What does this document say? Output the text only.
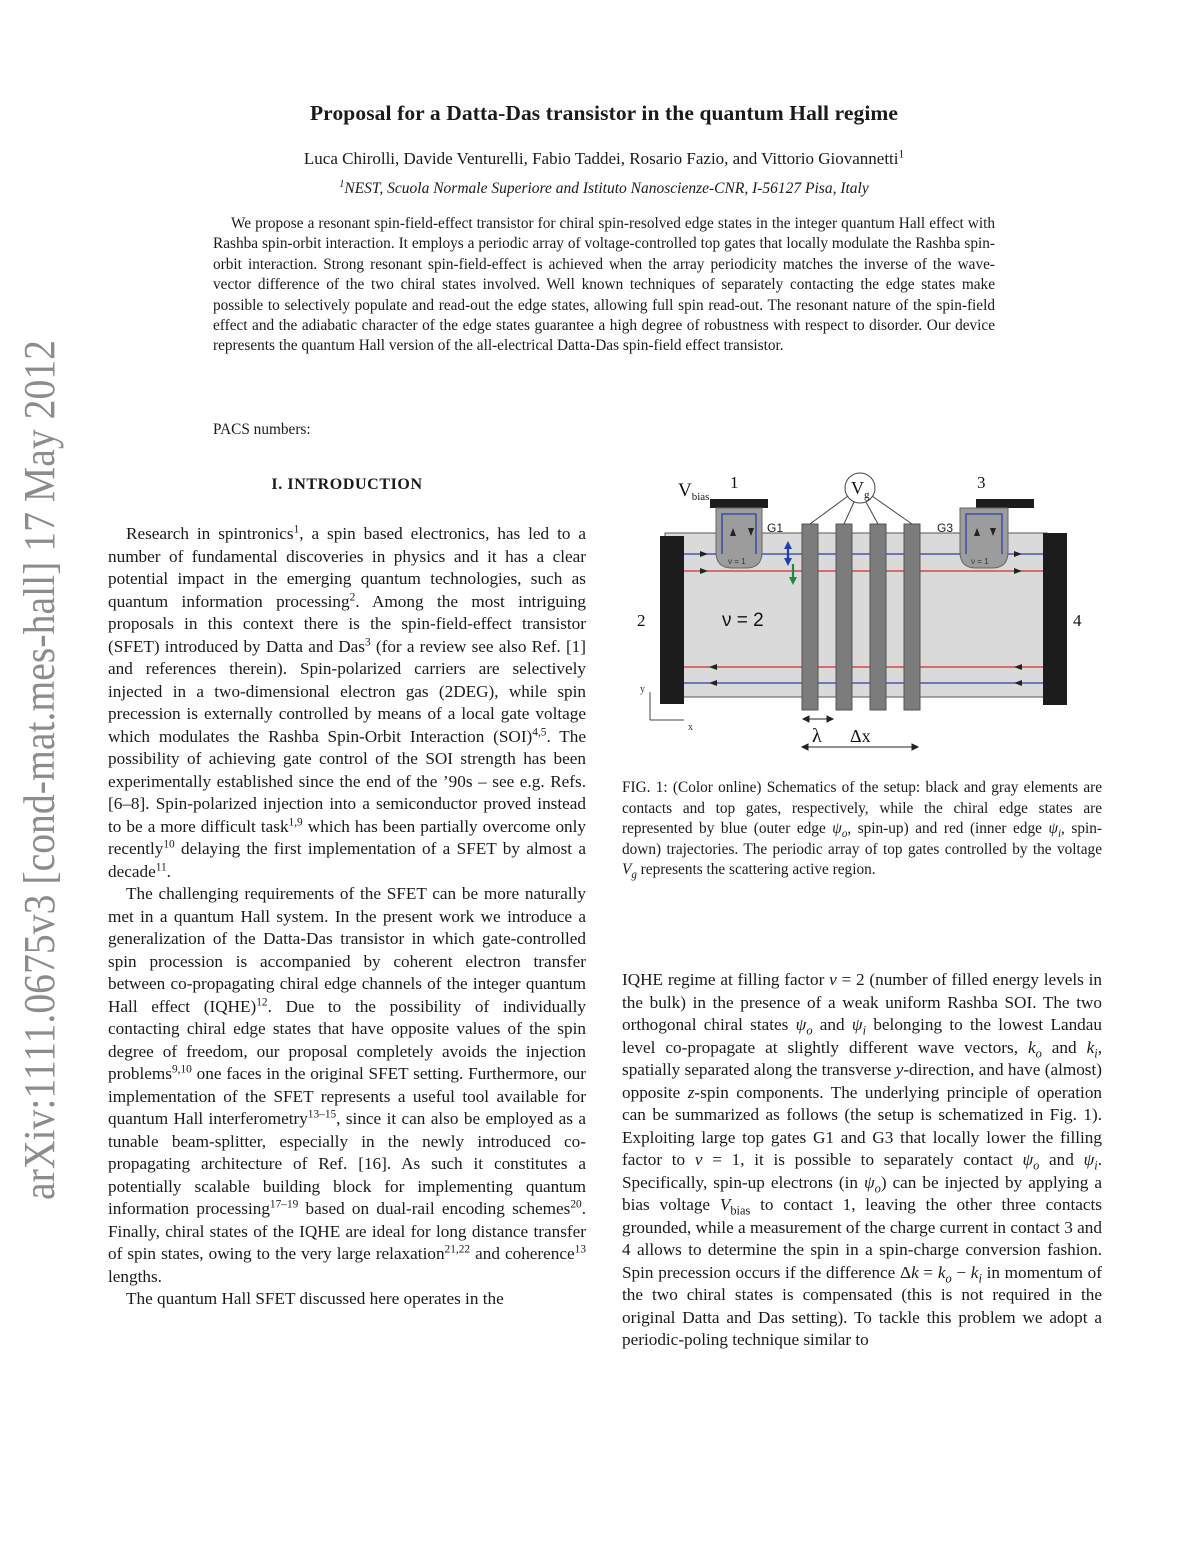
arXiv:1111.0675v3 [cond-mat.mes-hall] 17 May 2012
Proposal for a Datta-Das transistor in the quantum Hall regime
Luca Chirolli, Davide Venturelli, Fabio Taddei, Rosario Fazio, and Vittorio Giovannetti$^1$
$^1$NEST, Scuola Normale Superiore and Istituto Nanoscienze-CNR, I-56127 Pisa, Italy

We propose a resonant spin-field-effect transistor for chiral spin-resolved edge states in the integer quantum Hall effect with Rashba spin-orbit interaction. It employs a periodic array of voltage-controlled top gates that locally modulate the Rashba spin-orbit interaction. Strong resonant spin-field-effect is achieved when the array periodicity matches the inverse of the wave-vector difference of the two chiral states involved. Well known techniques of separately contacting the edge states make possible to selectively populate and read-out the edge states, allowing full spin read-out. The resonant nature of the spin-field effect and the adiabatic character of the edge states guarantee a high degree of robustness with respect to disorder. Our device represents the quantum Hall version of the all-electrical Datta-Das spin-field effect transistor.

PACS numbers:
I. INTRODUCTION

Research in spintronics$^1$, a spin based electronics, has led to a number of fundamental discoveries in physics and it has a clear potential impact in the emerging quantum technologies, such as quantum information processing$^2$. Among the most intriguing proposals in this context there is the spin-field-effect transistor (SFET) introduced by Datta and Das$^3$ (for a review see also Ref. [1] and references therein). Spin-polarized carriers are selectively injected in a two-dimensional electron gas (2DEG), while spin precession is externally controlled by means of a local gate voltage which modulates the Rashba Spin-Orbit Interaction (SOI)$^{4,5}$. The possibility of achieving gate control of the SOI strength has been experimentally established since the end of the ’90s – see e.g. Refs. [6–8]. Spin-polarized injection into a semiconductor proved instead to be a more difficult task$^{1,9}$ which has been partially overcome only recently$^{10}$ delaying the first implementation of a SFET by almost a decade$^{11}$.

The challenging requirements of the SFET can be more naturally met in a quantum Hall system. In the present work we introduce a generalization of the Datta-Das transistor in which gate-controlled spin procession is accompanied by coherent electron transfer between co-propagating chiral edge channels of the integer quantum Hall effect (IQHE)$^{12}$. Due to the possibility of individually contacting chiral edge states that have opposite values of the spin degree of freedom, our proposal completely avoids the injection problems$^{9,10}$ one faces in the original SFET setting. Furthermore, our implementation of the SFET represents a useful tool available for quantum Hall interferometry$^{13-15}$, since it can also be employed as a tunable beam-splitter, especially in the newly introduced co-propagating architecture of Ref. [16]. As such it constitutes a potentially scalable building block for implementing quantum information processing$^{17-19}$ based on dual-rail encoding schemes$^{20}$. Finally, chiral states of the IQHE are ideal for long distance transfer of spin states, owing to the very large relaxation$^{21,22}$ and coherence$^{13}$ lengths.

The quantum Hall SFET discussed here operates in the

$V_{bias}$
1	3
$V_g$
G1	G3
ν = 1	ν = 1
ν = 2
2	4
y
x	λ Δx

FIG. 1: (Color online) Schematics of the setup: black and gray elements are contacts and top gates, respectively, while the chiral edge states are represented by blue (outer edge $\psi_o$, spin-up) and red (inner edge $\psi_i$, spin-down) trajectories. The periodic array of top gates controlled by the voltage $V_g$ represents the scattering active region.

IQHE regime at filling factor ν = 2 (number of filled energy levels in the bulk) in the presence of a weak uniform Rashba SOI. The two orthogonal chiral states $\psi_o$ and $\psi_i$ belonging to the lowest Landau level co-propagate at slightly different wave vectors, $k_o$ and $k_i$, spatially separated along the transverse y-direction, and have (almost) opposite z-spin components. The underlying principle of operation can be summarized as follows (the setup is schematized in Fig. 1). Exploiting large top gates G1 and G3 that locally lower the filling factor to ν = 1, it is possible to separately contact $\psi_o$ and $\psi_i$. Specifically, spin-up electrons (in $\psi_o$) can be injected by applying a bias voltage $V_{bias}$ to contact 1, leaving the other three contacts grounded, while a measurement of the charge current in contact 3 and 4 allows to determine the spin in a spin-charge conversion fashion. Spin precession occurs if the difference $\Delta k = k_o - k_i$ in momentum of the two chiral states is compensated (this is not required in the original Datta and Das setting). To tackle this problem we adopt a periodic-poling technique similar to
